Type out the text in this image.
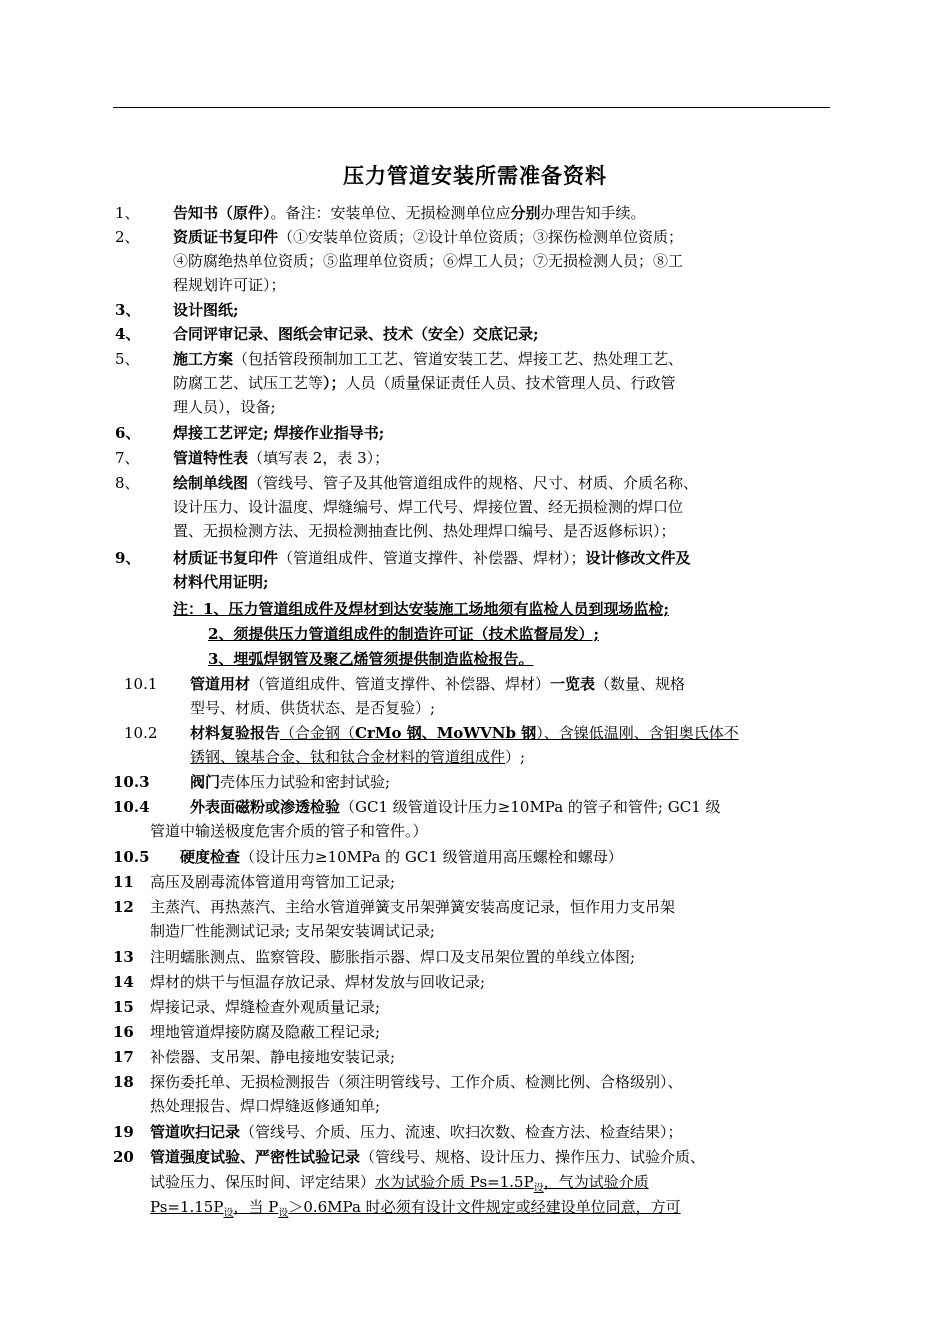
压力管道安装所需准备资料
1、 告知书（原件）。备注：安装单位、无损检测单位应分别办理告知手续。
2、 资质证书复印件（①安装单位资质；②设计单位资质；③探伤检测单位资质；
④防腐绝热单位资质；⑤监理单位资质；⑥焊工人员；⑦无损检测人员；⑧工
程规划许可证）；
3、 设计图纸;
4、 合同评审记录、图纸会审记录、技术（安全）交底记录;
5、 施工方案（包括管段预制加工工艺、管道安装工艺、焊接工艺、热处理工艺、
防腐工艺、试压工艺等）；人员（质量保证责任人员、技术管理人员、行政管
理人员），设备;
6、 焊接工艺评定; 焊接作业指导书;
7、 管道特性表（填写表 2，表 3）；
8、 绘制单线图（管线号、管子及其他管道组成件的规格、尺寸、材质、介质名称、
设计压力、设计温度、焊缝编号、焊工代号、焊接位置、经无损检测的焊口位
置、无损检测方法、无损检测抽查比例、热处理焊口编号、是否返修标识）；
9、 材质证书复印件（管道组成件、管道支撑件、补偿器、焊材）；设计修改文件及
材料代用证明;
注：1、压力管道组成件及焊材到达安装施工场地须有监检人员到现场监检;
2、须提供压力管道组成件的制造许可证（技术监督局发）;
3、埋弧焊钢管及聚乙烯管须提供制造监检报告。
10.1 管道用材（管道组成件、管道支撑件、补偿器、焊材）一览表（数量、规格
型号、材质、供货状态、是否复验）;
10.2 材料复验报告（合金钢（CrMo 钢、MoWVNb 钢）、含镍低温刚、含钼奥氏体不
锈钢、镍基合金、钛和钛合金材料的管道组成件）;
10.3	阀门壳体压力试验和密封试验;
10.4	外表面磁粉或渗透检验（GC1 级管道设计压力≥10MPa 的管子和管件; GC1 级
管道中输送极度危害介质的管子和管件。）
10.5 硬度检查（设计压力≥10MPa 的 GC1 级管道用高压螺栓和螺母）
11 高压及剧毒流体管道用弯管加工记录;
12 主蒸汽、再热蒸汽、主给水管道弹簧支吊架弹簧安装高度记录，恒作用力支吊架
制造厂性能测试记录; 支吊架安装调试记录;
13 注明蠕胀测点、监察管段、膨胀指示器、焊口及支吊架位置的单线立体图;
14 焊材的烘干与恒温存放记录、焊材发放与回收记录;
15 焊接记录、焊缝检查外观质量记录;
16 埋地管道焊接防腐及隐蔽工程记录;
17 补偿器、支吊架、静电接地安装记录;
18 探伤委托单、无损检测报告（须注明管线号、工作介质、检测比例、合格级别）、
热处理报告、焊口焊缝返修通知单;
19 管道吹扫记录（管线号、介质、压力、流速、吹扫次数、检查方法、检查结果）；
20 管道强度试验、严密性试验记录（管线号、规格、设计压力、操作压力、试验介质、
试验压力、保压时间、评定结果）水为试验介质 $Ps=1.5P_设$，气为试验介质
$Ps=1.15P_设$，当 $P_设>0.6MPa$ 时必须有设计文件规定或经建设单位同意，方可
